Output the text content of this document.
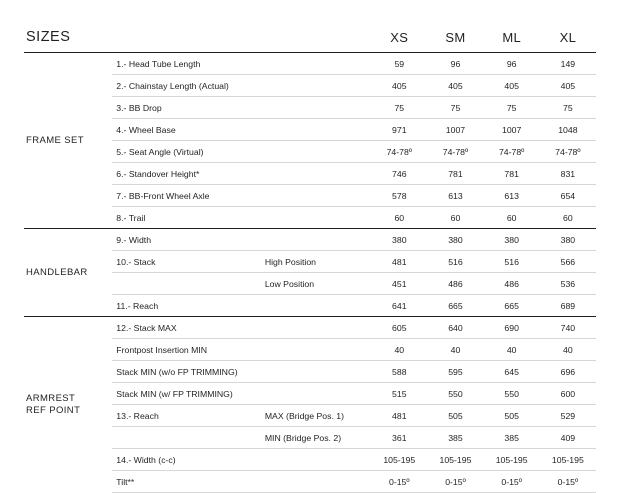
SIZES			XS	SM	ML	XL
FRAME SET	1.- Head Tube Length		59	96	96	149
	2.- Chainstay Length (Actual)		405	405	405	405
	3.- BB Drop		75	75	75	75
	4.- Wheel Base		971	1007	1007	1048
	5.- Seat Angle (Virtual)		74-78º	74-78º	74-78º	74-78º
	6.- Standover Height*		746	781	781	831
	7.- BB-Front Wheel Axle		578	613	613	654
	8.- Trail		60	60	60	60
HANDLEBAR	9.- Width		380	380	380	380
	10.- Stack	High Position	481	516	516	566
		Low Position	451	486	486	536
	11.- Reach		641	665	665	689
ARMREST
REF POINT	12.- Stack MAX		605	640	690	740
	Frontpost Insertion MIN		40	40	40	40
	Stack MIN (w/o FP TRIMMING)		588	595	645	696
	Stack MIN (w/ FP TRIMMING)		515	550	550	600
	13.- Reach	MAX (Bridge Pos. 1)	481	505	505	529
		MIN (Bridge Pos. 2)	361	385	385	409
	14.- Width (c-c)		105-195	105-195	105-195	105-195
	Tilt**		0-15º	0-15º	0-15º	0-15º
